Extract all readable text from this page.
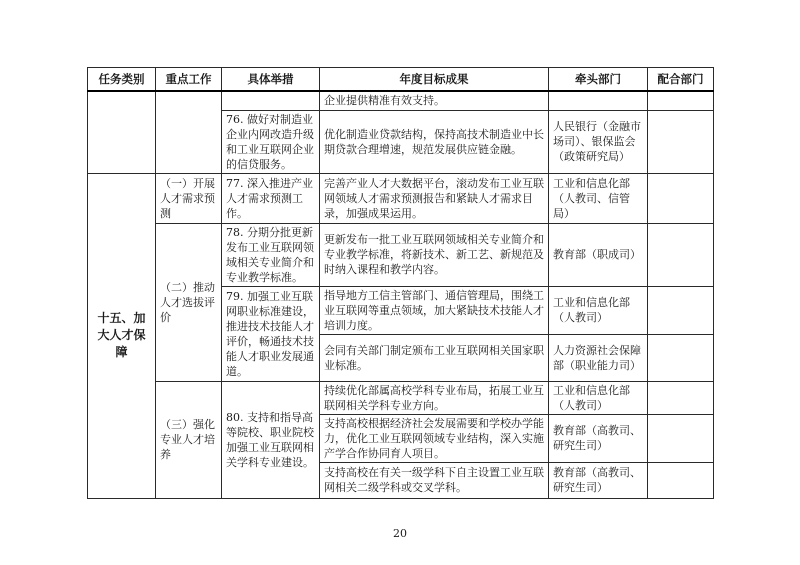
任务类别	重点工作	具体举措	年度目标成果	牵头部门	配合部门
			企业提供精准有效支持。		
		76. 做好对制造业企业内网改造升级和工业互联网企业的信贷服务。	优化制造业贷款结构，保持高技术制造业中长期贷款合理增速，规范发展供应链金融。	人民银行（金融市场司）、银保监会（政策研究局）	
十五、加大人才保障	（一）开展人才需求预测	77. 深入推进产业人才需求预测工作。	完善产业人才大数据平台，滚动发布工业互联网领域人才需求预测报告和紧缺人才需求目录，加强成果运用。	工业和信息化部（人教司、信管局）	
	（二）推动人才选拔评价	78. 分期分批更新发布工业互联网领域相关专业简介和专业教学标准。	更新发布一批工业互联网领域相关专业简介和专业教学标准，将新技术、新工艺、新规范及时纳入课程和教学内容。	教育部（职成司）	
		79. 加强工业互联网职业标准建设，推进技术技能人才评价，畅通技术技能人才职业发展通道。	指导地方工信主管部门、通信管理局，围绕工业互联网等重点领域，加大紧缺技术技能人才培训力度。	工业和信息化部（人教司）	
			会同有关部门制定颁布工业互联网相关国家职业标准。	人力资源社会保障部（职业能力司）	
	（三）强化专业人才培养	80. 支持和指导高等院校、职业院校加强工业互联网相关学科专业建设。	持续优化部属高校学科专业布局，拓展工业互联网相关学科专业方向。	工业和信息化部（人教司）	
			支持高校根据经济社会发展需要和学校办学能力，优化工业互联网领域专业结构，深入实施产学合作协同育人项目。	教育部（高教司、研究生司）	
			支持高校在有关一级学科下自主设置工业互联网相关二级学科或交叉学科。	教育部（高教司、研究生司）	
20
